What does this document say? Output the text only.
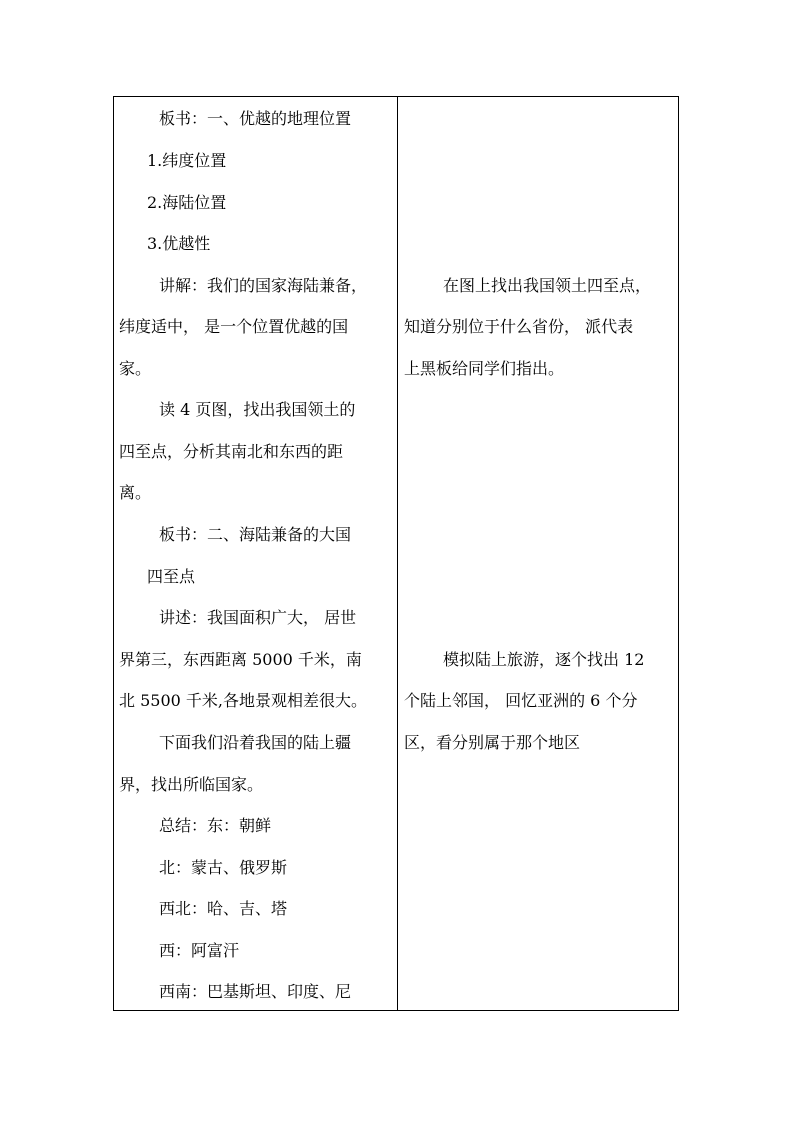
板书：一、优越的地理位置
1.纬度位置
2.海陆位置
3.优越性
讲解：我们的国家海陆兼备，
纬度适中， 是一个位置优越的国
家。
读 4 页图，找出我国领土的
四至点，分析其南北和东西的距
离。
板书：二、海陆兼备的大国
四至点
讲述：我国面积广大， 居世
界第三，东西距离 5000 千米，南
北 5500 千米,各地景观相差很大。
下面我们沿着我国的陆上疆
界，找出所临国家。
总结：东：朝鲜
北：蒙古、俄罗斯
西北：哈、吉、塔
西：阿富汗
西南：巴基斯坦、印度、尼
在图上找出我国领土四至点，
知道分别位于什么省份， 派代表
上黑板给同学们指出。
模拟陆上旅游，逐个找出 12
个陆上邻国， 回忆亚洲的 6 个分
区，看分别属于那个地区
